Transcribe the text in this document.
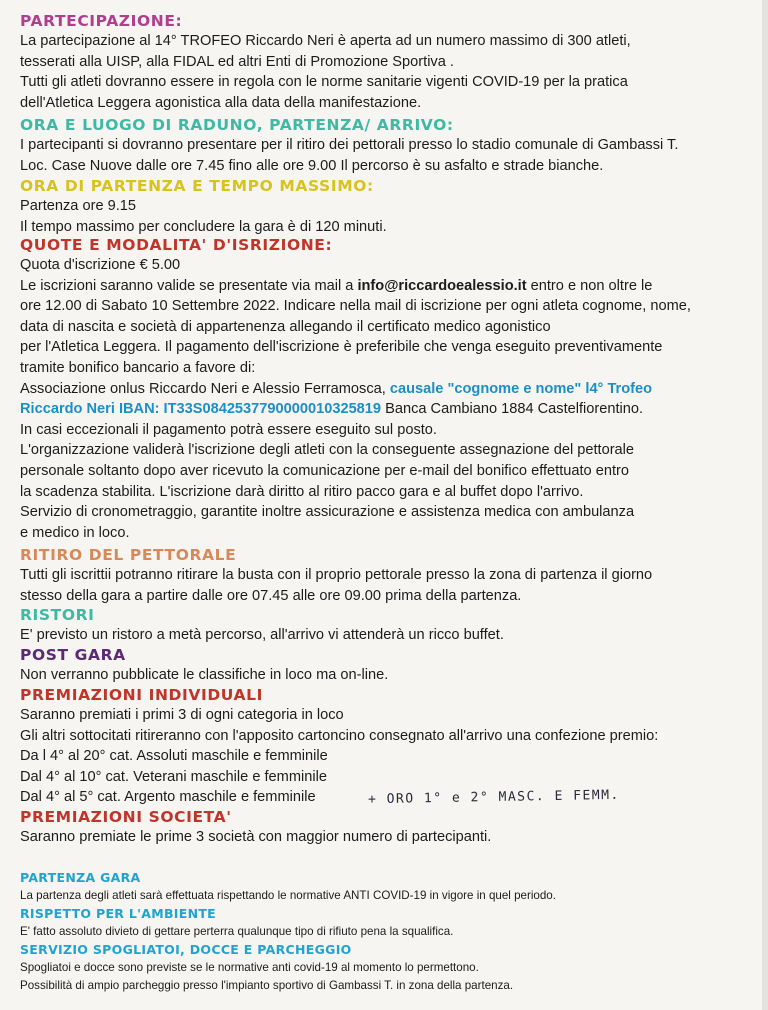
PARTECIPAZIONE:
La partecipazione al 14° TROFEO Riccardo Neri è aperta ad un numero massimo di 300 atleti,
tesserati alla UISP, alla FIDAL ed altri Enti di Promozione Sportiva .
Tutti gli atleti dovranno essere in regola con le norme sanitarie vigenti COVID-19 per la pratica
dell'Atletica Leggera agonistica alla data della manifestazione.
ORA E LUOGO DI RADUNO, PARTENZA/ ARRIVO:
I partecipanti si dovranno presentare per il ritiro dei pettorali presso lo stadio comunale di Gambassi T.
Loc. Case Nuove dalle ore 7.45 fino alle ore 9.00 Il percorso è su asfalto e strade bianche.
ORA DI PARTENZA E TEMPO MASSIMO:
Partenza ore 9.15
Il tempo massimo per concludere la gara è di 120 minuti.
QUOTE E MODALITA' D'ISRIZIONE:
Quota d'iscrizione € 5.00
Le iscrizioni saranno valide se presentate via mail a info@riccardoealessio.it entro e non oltre le
ore 12.00 di Sabato 10 Settembre 2022. Indicare nella mail di iscrizione per ogni atleta cognome, nome,
data di nascita e società di appartenenza allegando il certificato medico agonistico
per l'Atletica Leggera. Il pagamento dell'iscrizione è preferibile che venga eseguito preventivamente
tramite bonifico bancario a favore di:
Associazione onlus Riccardo Neri e Alessio Ferramosca, causale "cognome e nome" l4° Trofeo
Riccardo Neri IBAN: IT33S0842537790000010325819 Banca Cambiano 1884 Castelfiorentino.
In casi eccezionali il pagamento potrà essere eseguito sul posto.
L'organizzazione validerà l'iscrizione degli atleti con la conseguente assegnazione del pettorale
personale soltanto dopo aver ricevuto la comunicazione per e-mail del bonifico effettuato entro
la scadenza stabilita. L'iscrizione darà diritto al ritiro pacco gara e al buffet dopo l'arrivo.
Servizio di cronometraggio, garantite inoltre assicurazione e assistenza medica con ambulanza
e medico in loco.
RITIRO DEL PETTORALE
Tutti gli iscrittii potranno ritirare la busta con il proprio pettorale presso la zona di partenza il giorno
stesso della gara a partire dalle ore 07.45 alle ore 09.00 prima della partenza.
RISTORI
E' previsto un ristoro a metà percorso, all'arrivo vi attenderà un ricco buffet.
POST GARA
Non verranno pubblicate le classifiche in loco ma on-line.
PREMIAZIONI INDIVIDUALI
Saranno premiati i primi 3 di ogni categoria in loco
Gli altri sottocitati ritireranno con l'apposito cartoncino consegnato all'arrivo una confezione premio:
Da l 4° al 20° cat. Assoluti maschile e femminile
Dal 4° al 10° cat. Veterani maschile e femminile
Dal 4° al 5° cat. Argento maschile e femminile	+ ORO 1° e 2° MASC. E FEMM.
PREMIAZIONI SOCIETA'
Saranno premiate le prime 3 società con maggior numero di partecipanti.
PARTENZA GARA
La partenza degli atleti sarà effettuata rispettando le normative ANTI COVID-19 in vigore in quel periodo.
RISPETTO PER L'AMBIENTE
E' fatto assoluto divieto di gettare perterra qualunque tipo di rifiuto pena la squalifica.
SERVIZIO SPOGLIATOI, DOCCE E PARCHEGGIO
Spogliatoi e docce sono previste se le normative anti covid-19 al momento lo permettono.
Possibilità di ampio parcheggio presso l'impianto sportivo di Gambassi T. in zona della partenza.
